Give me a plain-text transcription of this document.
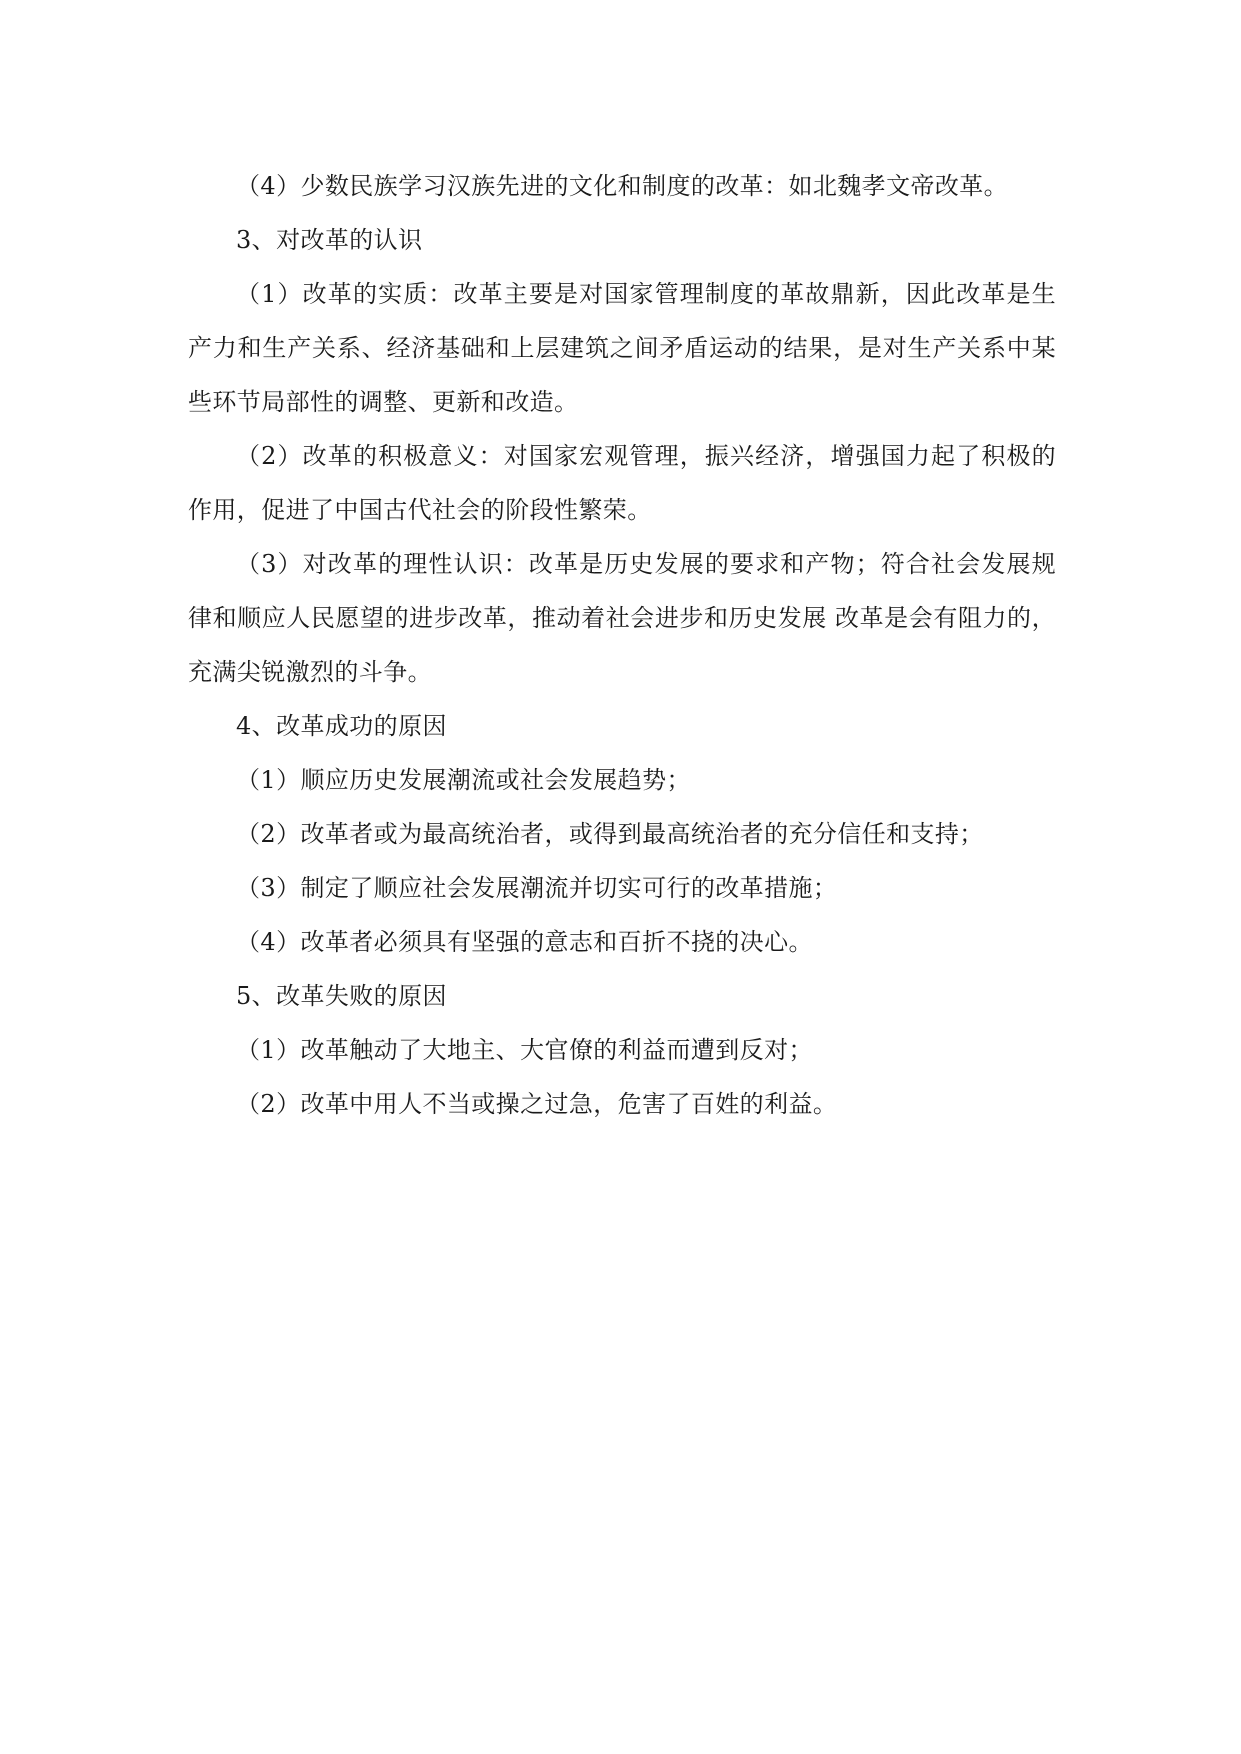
（4）少数民族学习汉族先进的文化和制度的改革：如北魏孝文帝改革。

3、对改革的认识

（1）改革的实质：改革主要是对国家管理制度的革故鼎新，因此改革是生产力和生产关系、经济基础和上层建筑之间矛盾运动的结果，是对生产关系中某些环节局部性的调整、更新和改造。

（2）改革的积极意义：对国家宏观管理，振兴经济，增强国力起了积极的作用，促进了中国古代社会的阶段性繁荣。

（3）对改革的理性认识：改革是历史发展的要求和产物；符合社会发展规律和顺应人民愿望的进步改革，推动着社会进步和历史发展 改革是会有阻力的，充满尖锐激烈的斗争。

4、改革成功的原因

（1）顺应历史发展潮流或社会发展趋势；

（2）改革者或为最高统治者，或得到最高统治者的充分信任和支持；

（3）制定了顺应社会发展潮流并切实可行的改革措施；

（4）改革者必须具有坚强的意志和百折不挠的决心。

5、改革失败的原因

（1）改革触动了大地主、大官僚的利益而遭到反对；

（2）改革中用人不当或操之过急，危害了百姓的利益。
